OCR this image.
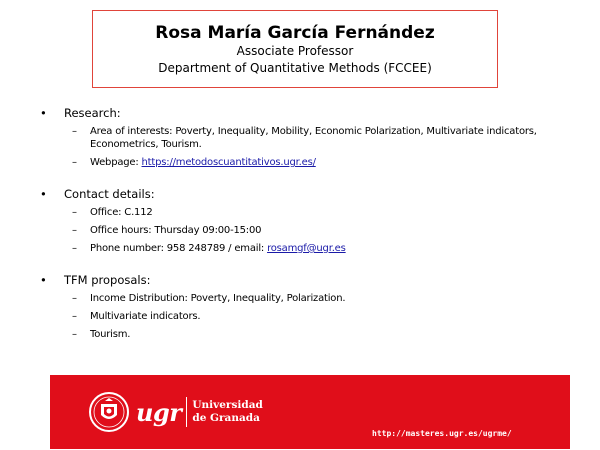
Rosa María García Fernández
Associate Professor
Department of Quantitative Methods (FCCEE)
•	Research:
–	Area of interests: Poverty, Inequality, Mobility, Economic Polarization, Multivariate indicators, Econometrics, Tourism.
–	Webpage: https://metodoscuantitativos.ugr.es/
•	Contact details:
–	Office: C.112
–	Office hours: Thursday 09:00-15:00
–	Phone number: 958 248789 / email: rosamgf@ugr.es
•	TFM proposals:
–	Income Distribution: Poverty, Inequality, Polarization.
–	Multivariate indicators.
–	Tourism.
ugr Universidad
de Granada
http://masteres.ugr.es/ugrme/
